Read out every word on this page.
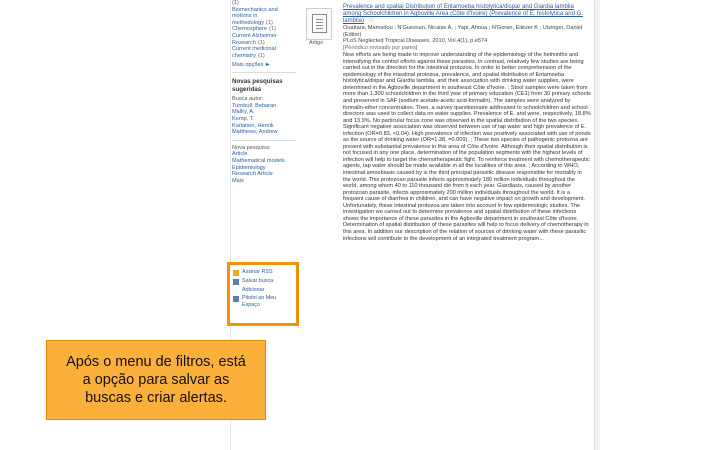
(1)
Biomechanics and motions in methodology (1)
Chemosphere (1)
Current Alzheimer Research (1)
Current medicinal chemistry (1)
Mais opções ►
Novas pesquisas sugeridas
Busca autor:
Turnbull, Bebaran
Mallry, A.
Kemp, T.
Karlanen, Henrik
Matthews, Andrew
Nova pesquisa:
Article
Mathematical models
Epidemiology
Research Article
Mais
Assinar RSS
Salvar busca
Adicionar
Pilotiri ao Meu Espaço
Artigo
Prevalence and spatial Distribution of Entamoeba histolytica/dispar and Giardia lamblia among Schoolchildren in Agboville Area (Côte d'Ivoire) (Prevalence of E. histolytica and G. lamblia) ☆
Ouattara, Mamadou ; N'Guessan, Nicaise A. ; Yapi, Ahoua ; N'Goran, Eliézer K ; Utzinger, Daniel (Editor)
PLoS Neglected Tropical Diseases, 2010, Vol.4(1), p.e574
[Periódico revisado por pares]
New efforts are being made to improve understanding of the epidemiology of the helminths and intensifying the control efforts against these parasites. In contrast, relatively few studies are being carried out in the direction for the intestinal protozoa. In order to better comprehension of the epidemiology of the intestinal protozoa, prevalence, and spatial distribution of Entamoeba histolytica/dispar and Giardia lamblia, and their association with drinking water supplies, were determined in the Agboville department in southeast Côte d'Ivoire. ; Stool samples were taken from more than 1,300 schoolchildren in the third year of primary education (CE1) from 30 primary schools and preserved in SAF (sodium acetate-acetic acid-formalin). The samples were analyzed by formalin-ether concentration. Then, a survey questionnaire addressed to schoolchildren and school directors was used to collect data on water supplies. Prevalence of E. and were, respectively, 18.8% and 13.9%. No particular focus zone was observed in the spatial distribution of the two species. Significant negative association was observed between use of tap water and high prevalence of E. infection (OR=0.83, <0.04). High prevalence of infection was positively associated with use of ponds as the source of drinking water (OR=1.38, =0.009). ; These two species of pathogenic protozoa are present with substantial prevalence in this area of Côte d'Ivoire. Although their spatial distribution is not focused in any one place, determination of the population segments with the highest levels of infection will help to target the chemotherapeutic fight. To reinforce treatment with chemotherapeutic agents, tap water should be made available in all the localities of this area. ; According to WHO, intestinal amoebiasis caused by is the third principal parasitic disease responsible for mortality in the world. This protozoan parasite infects approximately 180 million individuals throughout the world, among whom 40 to 110 thousand die from it each year. Giardiasis, caused by another protozoan parasite, infects approximately 200 million individuals throughout the world. It is a frequent cause of diarrhea in children, and can have negative impact on growth and development. Unfortunately, these intestinal protozoa are taken into account in few epidemiologic studies. The investigation we carried out to determine prevalence and spatial distribution of these infections shows the importance of these parasites in the Agboville department in southeast Côte d'Ivoire. Determination of spatial distribution of these parasites will help to focus delivery of chemotherapy in this area. In addition our description of the relation of sources of drinking water with these parasitic infections will contribute to the development of an integrated treatment program...
Após o menu de filtros, está a opção para salvar as buscas e criar alertas.
